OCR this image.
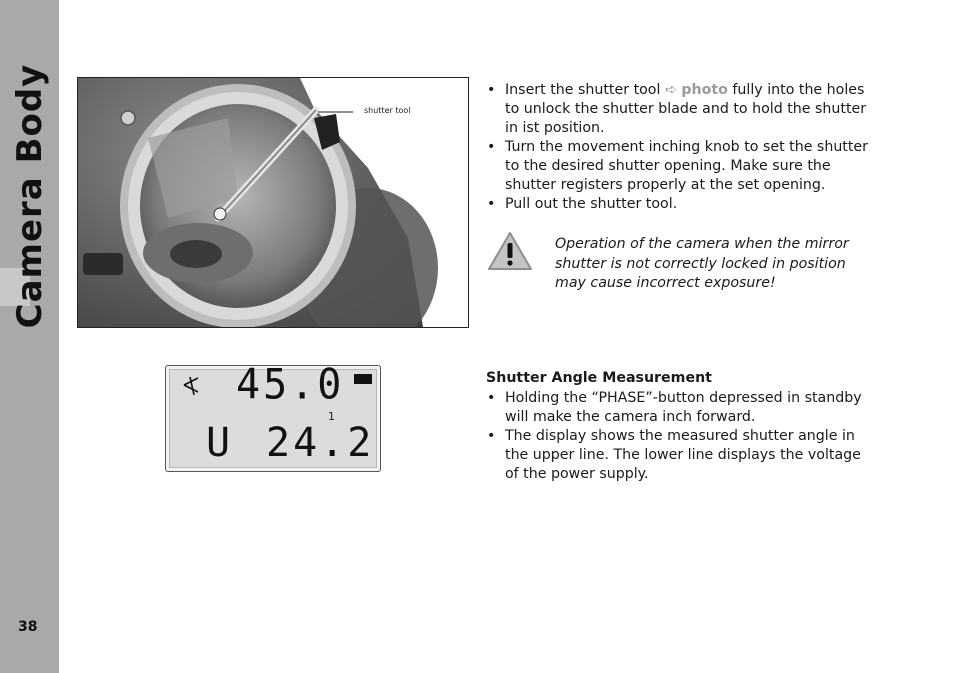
Camera Body
38
shutter tool

• Insert the shutter tool ➪ photo fully into the holes to unlock the shutter blade and to hold the shutter in ist position.

• Turn the movement inching knob to set the shutter to the desired shutter opening. Make sure the shutter registers properly at the set opening.

• Pull out the shutter tool.

Operation of the camera when the mirror shutter is not correctly locked in position may cause incorrect exposure!
45.0
1
U 24.2

Shutter Angle Measurement

• Holding the “PHASE”-button depressed in standby will make the camera inch forward.

• The display shows the measured shutter angle in the upper line. The lower line displays the voltage of the power supply.
